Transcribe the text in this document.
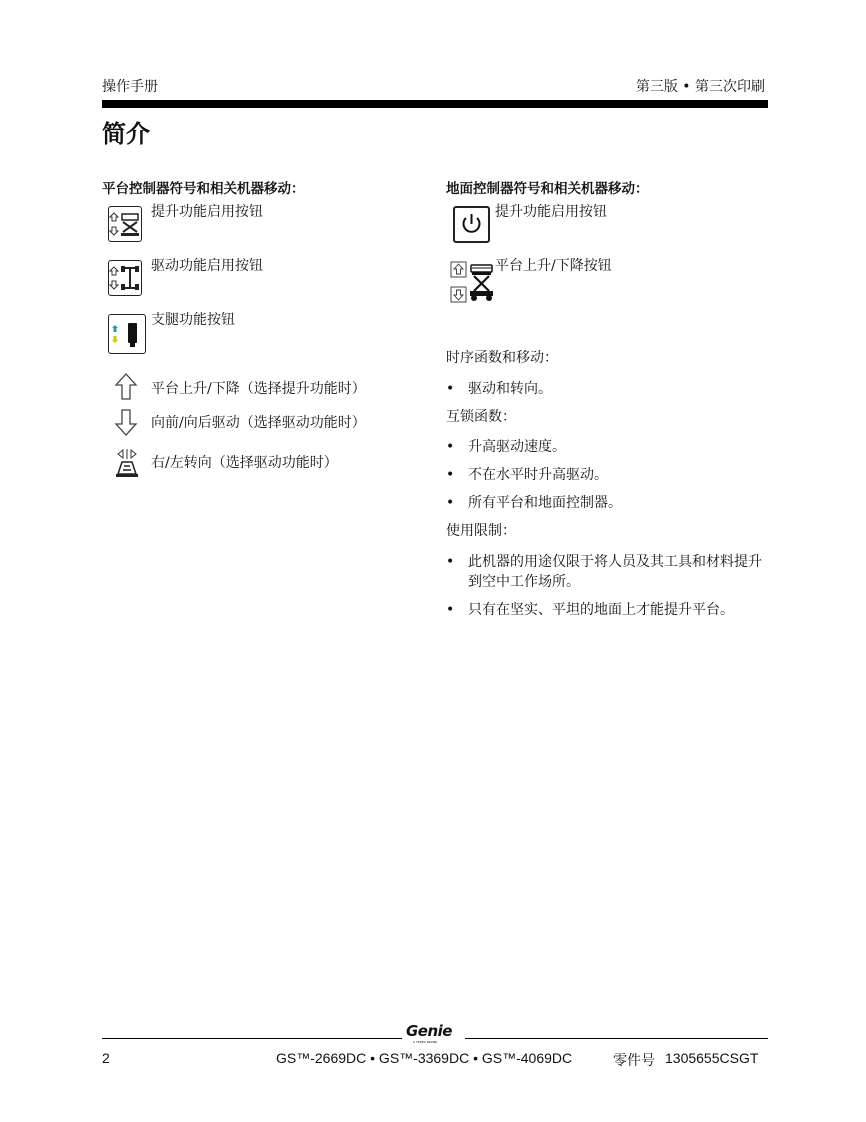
操作手册	第三版 • 第三次印刷
简介
平台控制器符号和相关机器移动：
提升功能启用按钮
驱动功能启用按钮
支腿功能按钮
平台上升/下降（选择提升功能时）
向前/向后驱动（选择驱动功能时）
右/左转向（选择驱动功能时）
地面控制器符号和相关机器移动：
提升功能启用按钮
平台上升/下降按钮
时序函数和移动：
• 驱动和转向。
互锁函数：
• 升高驱动速度。
• 不在水平时升高驱动。
• 所有平台和地面控制器。
使用限制：
• 此机器的用途仅限于将人员及其工具和材料提升到空中工作场所。
• 只有在坚实、平坦的地面上才能提升平台。
Genie
A TEREX BRAND
2	GS™-2669DC • GS™-3369DC • GS™-4069DC	零件号 1305655CSGT
